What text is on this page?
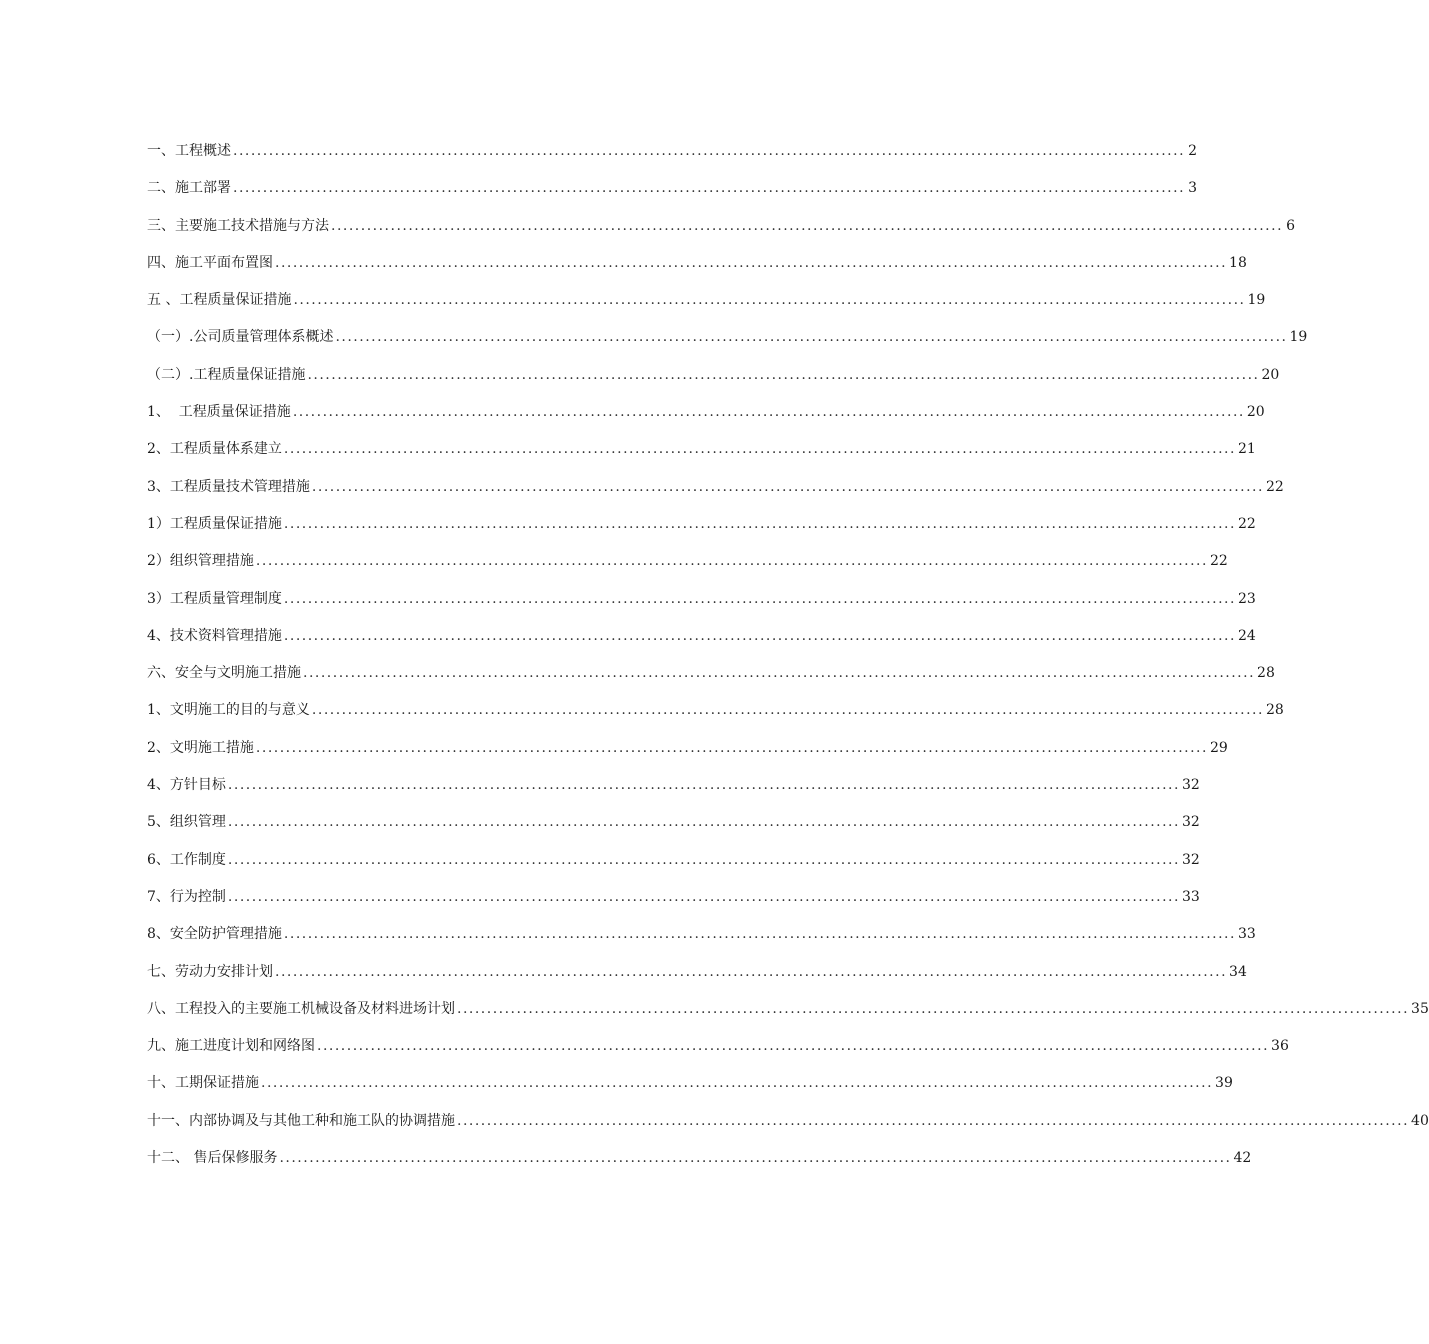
一、工程概述 ................................................................................................................................................................ 2
二、施工部署 ................................................................................................................................................................ 3
三、主要施工技术措施与方法 ................................................................................................................................................................ 6
四、施工平面布置图 ................................................................................................................................................................ 18
五 、工程质量保证措施 ................................................................................................................................................................ 19
（一）.公司质量管理体系概述 ................................................................................................................................................................ 19
（二）.工程质量保证措施 ................................................................................................................................................................ 20
1、  工程质量保证措施 ................................................................................................................................................................ 20
2、工程质量体系建立 ................................................................................................................................................................ 21
3、工程质量技术管理措施 ................................................................................................................................................................ 22
1）工程质量保证措施 ................................................................................................................................................................ 22
2）组织管理措施 ................................................................................................................................................................ 22
3）工程质量管理制度 ................................................................................................................................................................ 23
4、技术资料管理措施 ................................................................................................................................................................ 24
六、安全与文明施工措施 ................................................................................................................................................................ 28
1、文明施工的目的与意义 ................................................................................................................................................................ 28
2、文明施工措施 ................................................................................................................................................................ 29
4、方针目标 ................................................................................................................................................................ 32
5、组织管理 ................................................................................................................................................................ 32
6、工作制度 ................................................................................................................................................................ 32
7、行为控制 ................................................................................................................................................................ 33
8、安全防护管理措施 ................................................................................................................................................................ 33
七、劳动力安排计划 ................................................................................................................................................................ 34
八、工程投入的主要施工机械设备及材料进场计划 ................................................................................................................................................................ 35
九、施工进度计划和网络图 ................................................................................................................................................................ 36
十、工期保证措施 ................................................................................................................................................................ 39
十一、内部协调及与其他工种和施工队的协调措施 ................................................................................................................................................................ 40
十二、 售后保修服务 ................................................................................................................................................................ 42
